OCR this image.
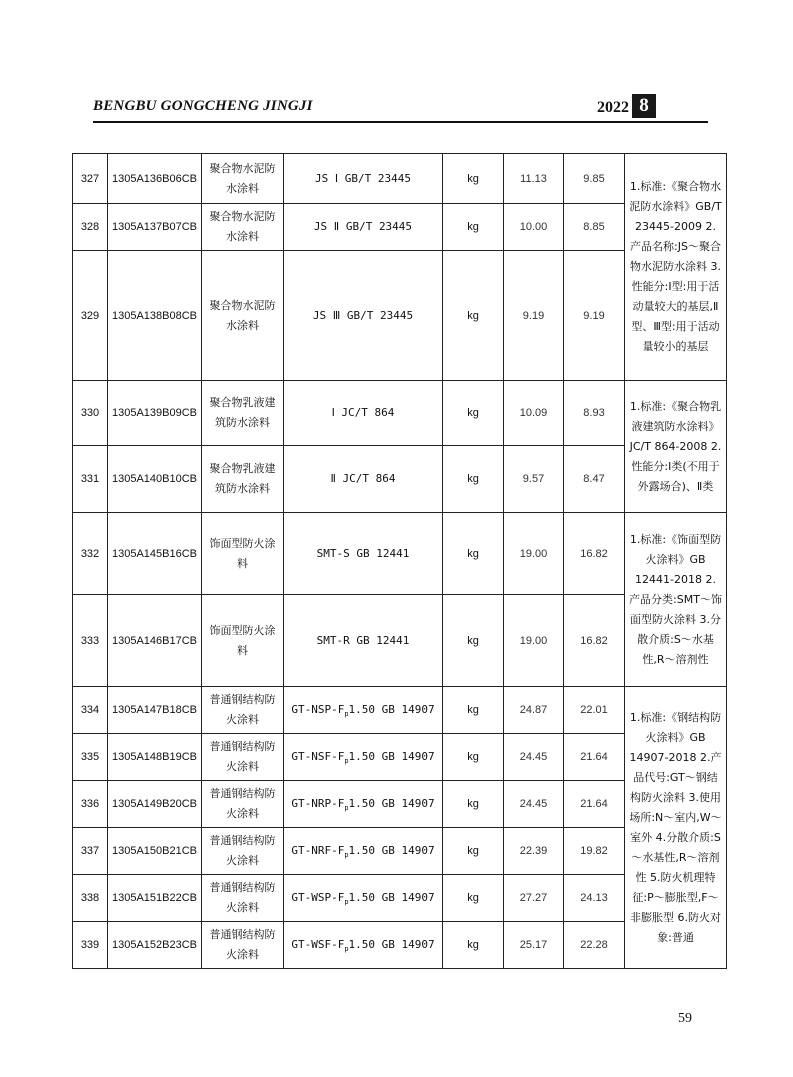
BENGBU GONGCHENG JINGJI	2022 8
327	1305A136B06CB	聚合物水泥防水涂料	JS Ⅰ GB/T 23445	kg	11.13	9.85	1.标准:《聚合物水泥防水涂料》GB/T 23445-2009 2. 产品名称:JS～聚合物水泥防水涂料 3.性能分:Ⅰ型:用于活动量较大的基层,Ⅱ型、Ⅲ型:用于活动量较小的基层
328	1305A137B07CB	聚合物水泥防水涂料	JS Ⅱ GB/T 23445	kg	10.00	8.85	
329	1305A138B08CB	聚合物水泥防水涂料	JS Ⅲ GB/T 23445	kg	9.19	9.19	
330	1305A139B09CB	聚合物乳液建筑防水涂料	Ⅰ JC/T 864	kg	10.09	8.93	1.标准:《聚合物乳液建筑防水涂料》JC/T 864-2008 2. 性能分:Ⅰ类(不用于外露场合)、Ⅱ类
331	1305A140B10CB	聚合物乳液建筑防水涂料	Ⅱ JC/T 864	kg	9.57	8.47	
332	1305A145B16CB	饰面型防火涂料	SMT-S GB 12441	kg	19.00	16.82	1.标准:《饰面型防火涂料》GB 12441-2018 2. 产品分类:SMT～饰面型防火涂料 3.分散介质:S～水基性,R～溶剂性
333	1305A146B17CB	饰面型防火涂料	SMT-R GB 12441	kg	19.00	16.82	
334	1305A147B18CB	普通钢结构防火涂料	$GT-NSP-F_p1.50$ GB 14907	kg	24.87	22.01	1.标准:《钢结构防火涂料》GB 14907-2018 2.产品代号:GT～钢结构防火涂料 3.使用场所:N～室内,W～室外 4.分散介质:S～水基性,R～溶剂性 5.防火机理特征:P～膨胀型,F～非膨胀型 6.防火对象:普通
335	1305A148B19CB	普通钢结构防火涂料	$GT-NSF-F_p1.50$ GB 14907	kg	24.45	21.64	
336	1305A149B20CB	普通钢结构防火涂料	$GT-NRP-F_p1.50$ GB 14907	kg	24.45	21.64	
337	1305A150B21CB	普通钢结构防火涂料	$GT-NRF-F_p1.50$ GB 14907	kg	22.39	19.82	
338	1305A151B22CB	普通钢结构防火涂料	$GT-WSP-F_p1.50$ GB 14907	kg	27.27	24.13	
339	1305A152B23CB	普通钢结构防火涂料	$GT-WSF-F_p1.50$ GB 14907	kg	25.17	22.28	
59
